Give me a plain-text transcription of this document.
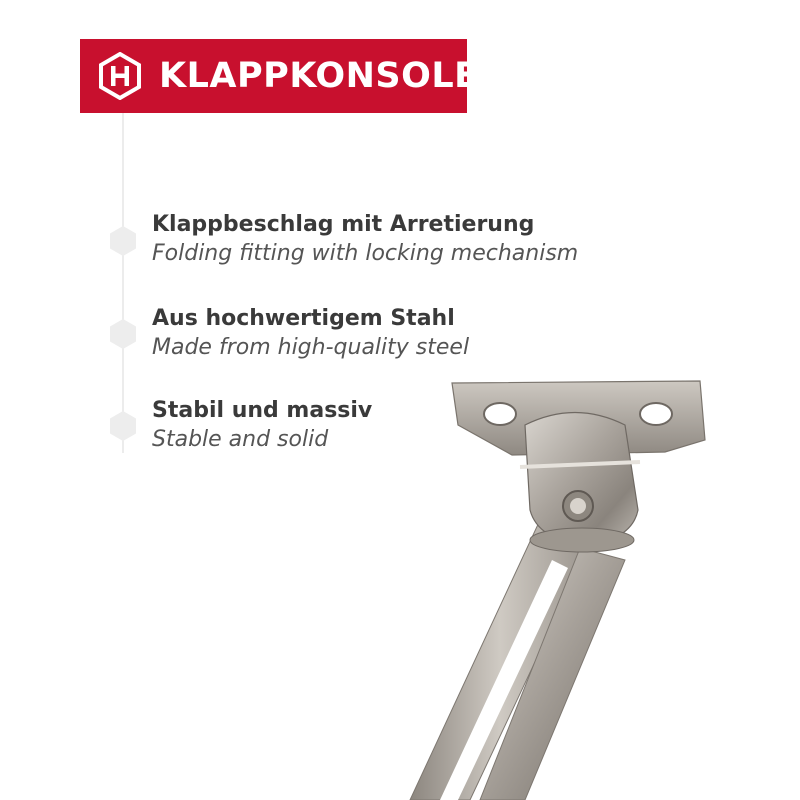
KLAPPKONSOLE
Klappbeschlag mit Arretierung
Folding fitting with locking mechanism
Aus hochwertigem Stahl
Made from high-quality steel
Stabil und massiv
Stable and solid
